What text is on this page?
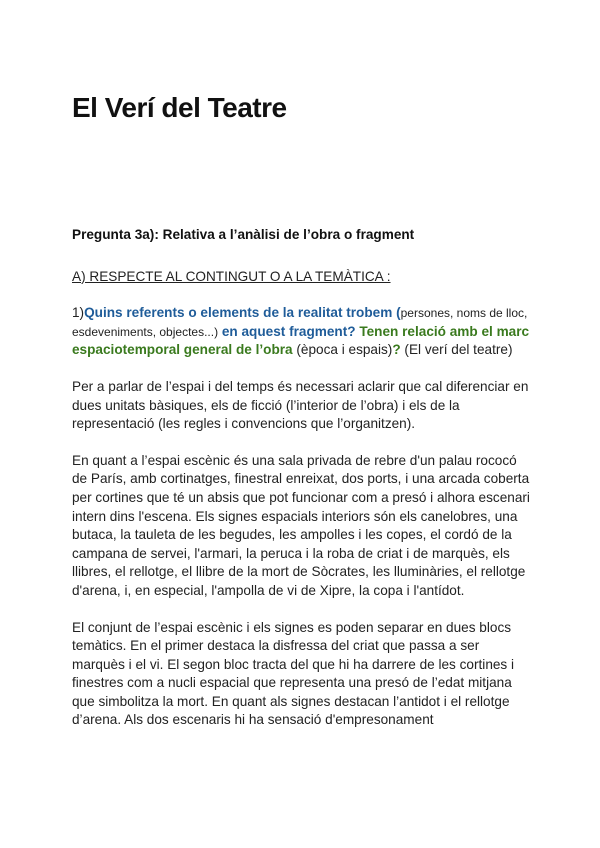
El Verí del Teatre

Pregunta 3a): Relativa a l’anàlisi de l’obra o fragment

A) RESPECTE AL CONTINGUT O A LA TEMÀTICA :

1)Quins referents o elements de la realitat trobem (persones, noms de lloc, esdeveniments, objectes...) en aquest fragment? Tenen relació amb el marc espaciotemporal general de l’obra (època i espais)? (El verí del teatre)

Per a parlar de l’espai i del temps és necessari aclarir que cal diferenciar en dues unitats bàsiques, els de ficció (l’interior de l’obra) i els de la representació (les regles i convencions que l’organitzen).

En quant a l’espai escènic és una sala privada de rebre d'un palau rococó de París, amb cortinatges, finestral enreixat, dos ports, i una arcada coberta per cortines que té un absis que pot funcionar com a presó i alhora escenari intern dins l'escena. Els signes espacials interiors són els canelobres, una butaca, la tauleta de les begudes, les ampolles i les copes, el cordó de la campana de servei, l'armari, la peruca i la roba de criat i de marquès, els llibres, el rellotge, el llibre de la mort de Sòcrates, les lluminàries, el rellotge d'arena, i, en especial, l'ampolla de vi de Xipre, la copa i l'antídot.

El conjunt de l’espai escènic i els signes es poden separar en dues blocs temàtics. En el primer destaca la disfressa del criat que passa a ser marquès i el vi. El segon bloc tracta del que hi ha darrere de les cortines i finestres com a nucli espacial que representa una presó de l’edat mitjana que simbolitza la mort. En quant als signes destacan l’antidot i el rellotge d’arena. Als dos escenaris hi ha sensació d'empresonament
